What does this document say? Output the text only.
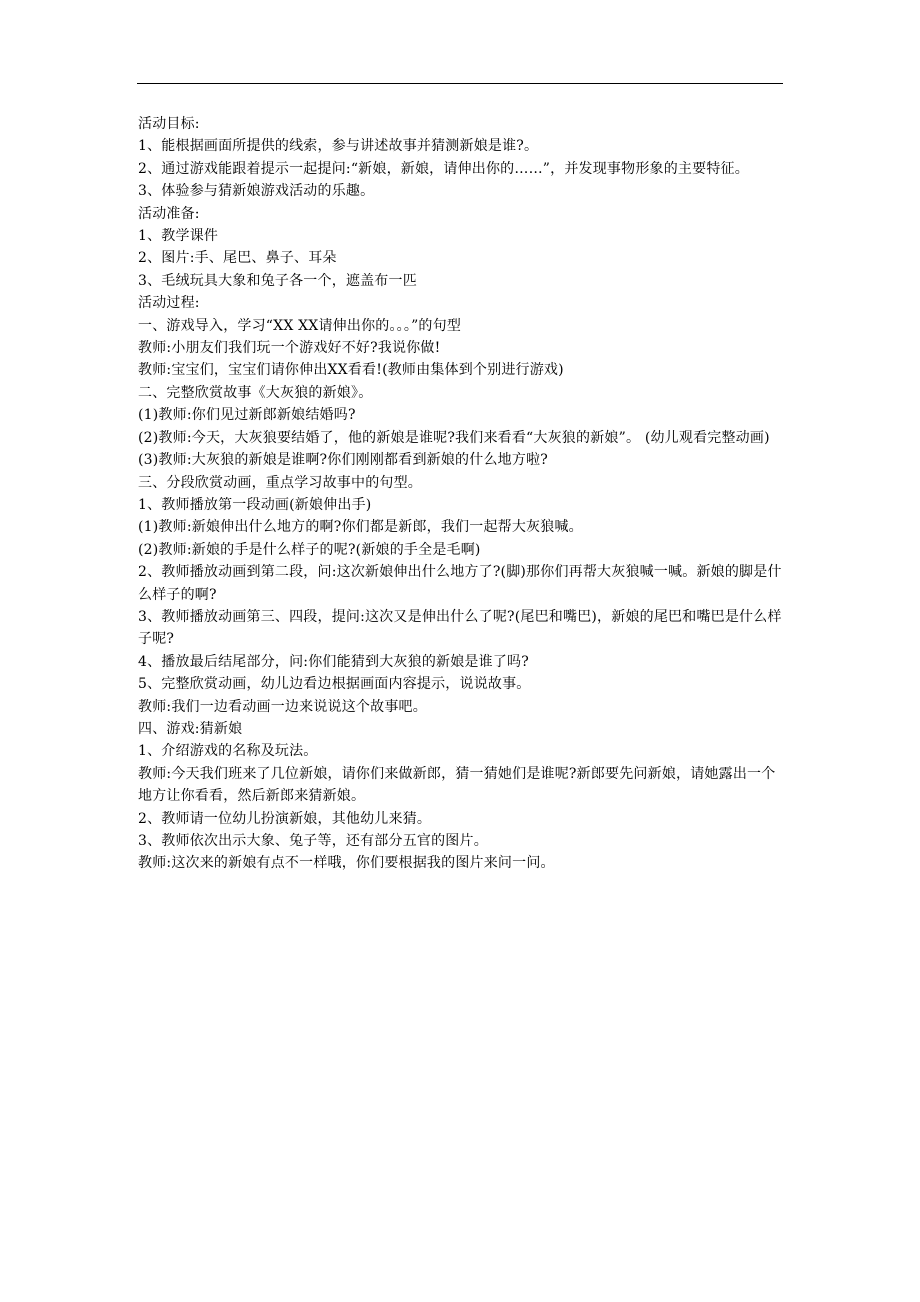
活动目标:

1、能根据画面所提供的线索，参与讲述故事并猜测新娘是谁?。

2、通过游戏能跟着提示一起提问:“新娘，新娘，请伸出你的……”，并发现事物形象的主要特征。

3、体验参与猜新娘游戏活动的乐趣。

活动准备:

1、教学课件

2、图片:手、尾巴、鼻子、耳朵

3、毛绒玩具大象和兔子各一个，遮盖布一匹

活动过程:

一、游戏导入，学习“XX XX请伸出你的。。。”的句型

教师:小朋友们我们玩一个游戏好不好?我说你做!

教师:宝宝们，宝宝们请你伸出XX看看!(教师由集体到个别进行游戏)

二、完整欣赏故事《大灰狼的新娘》。

(1)教师:你们见过新郎新娘结婚吗?

(2)教师:今天，大灰狼要结婚了，他的新娘是谁呢?我们来看看“大灰狼的新娘”。 (幼儿观看完整动画)

(3)教师:大灰狼的新娘是谁啊?你们刚刚都看到新娘的什么地方啦?

三、分段欣赏动画，重点学习故事中的句型。

1、教师播放第一段动画(新娘伸出手)

(1)教师:新娘伸出什么地方的啊?你们都是新郎，我们一起帮大灰狼喊。

(2)教师:新娘的手是什么样子的呢?(新娘的手全是毛啊)

2、教师播放动画到第二段，问:这次新娘伸出什么地方了?(脚)那你们再帮大灰狼喊一喊。新娘的脚是什么样子的啊?

3、教师播放动画第三、四段，提问:这次又是伸出什么了呢?(尾巴和嘴巴)，新娘的尾巴和嘴巴是什么样子呢?

4、播放最后结尾部分，问:你们能猜到大灰狼的新娘是谁了吗?

5、完整欣赏动画，幼儿边看边根据画面内容提示，说说故事。

教师:我们一边看动画一边来说说这个故事吧。

四、游戏:猜新娘

1、介绍游戏的名称及玩法。

教师:今天我们班来了几位新娘，请你们来做新郎，猜一猜她们是谁呢?新郎要先问新娘，请她露出一个地方让你看看，然后新郎来猜新娘。

2、教师请一位幼儿扮演新娘，其他幼儿来猜。

3、教师依次出示大象、兔子等，还有部分五官的图片。

教师:这次来的新娘有点不一样哦，你们要根据我的图片来问一问。
